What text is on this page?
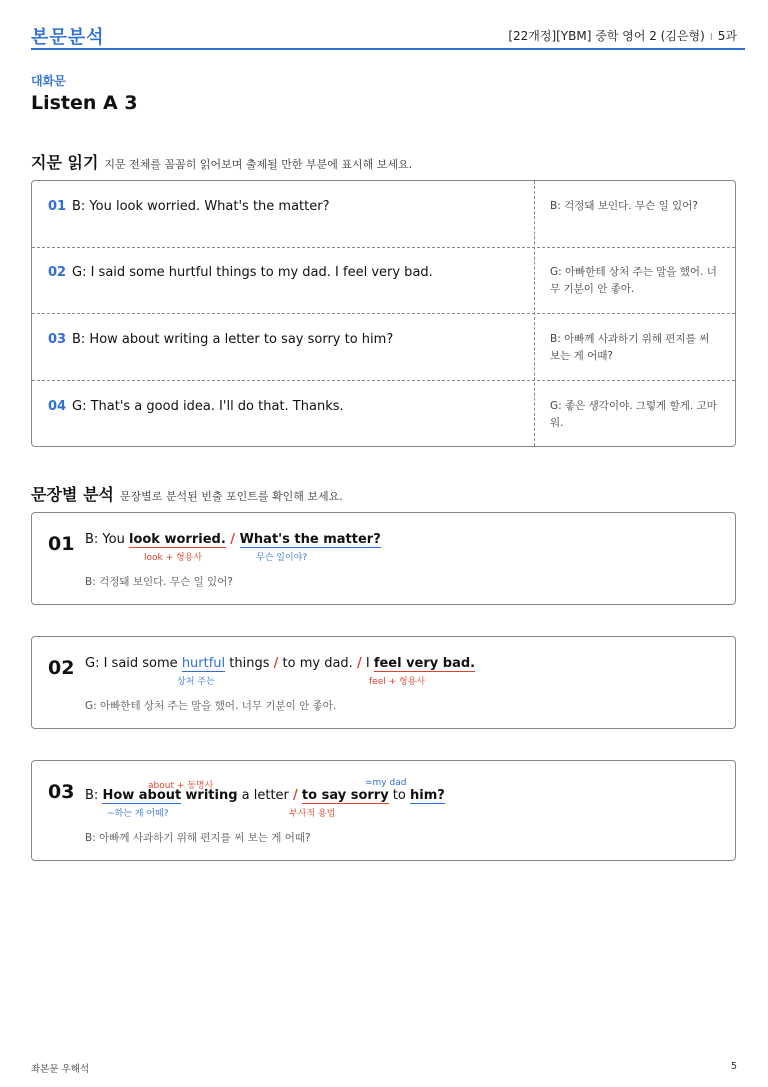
본문분석	[22개정][YBM] 중학 영어 2 (김은형) I 5과
대화문
Listen A 3
지문 읽기 지문 전체를 꼼꼼히 읽어보며 출제될 만한 부분에 표시해 보세요.
01 B: You look worried. What's the matter?	B: 걱정돼 보인다. 무슨 일 있어?
02 G: I said some hurtful things to my dad. I feel very bad.	G: 아빠한테 상처 주는 말을 했어. 너무 기분이 안 좋아.
03 B: How about writing a letter to say sorry to him?	B: 아빠께 사과하기 위해 편지를 써 보는 게 어때?
04 G: That's a good idea. I'll do that. Thanks.	G: 좋은 생각이야. 그렇게 할게. 고마워.
문장별 분석 문장별로 분석된 빈출 포인트를 확인해 보세요.
01 B: You look worried. / What's the matter?
look + 형용사	무슨 일이야?
B: 걱정돼 보인다. 무슨 일 있어?
02 G: I said some hurtful things / to my dad. / I feel very bad.
상처 주는	feel + 형용사
G: 아빠한테 상처 주는 말을 했어. 너무 기분이 안 좋아.
03	about + 동명사	=my dad
B: How about writing a letter / to say sorry to him?
~하는 게 어때?	부사적 용법
B: 아빠께 사과하기 위해 편지를 써 보는 게 어때?
좌본문 우해석	5
